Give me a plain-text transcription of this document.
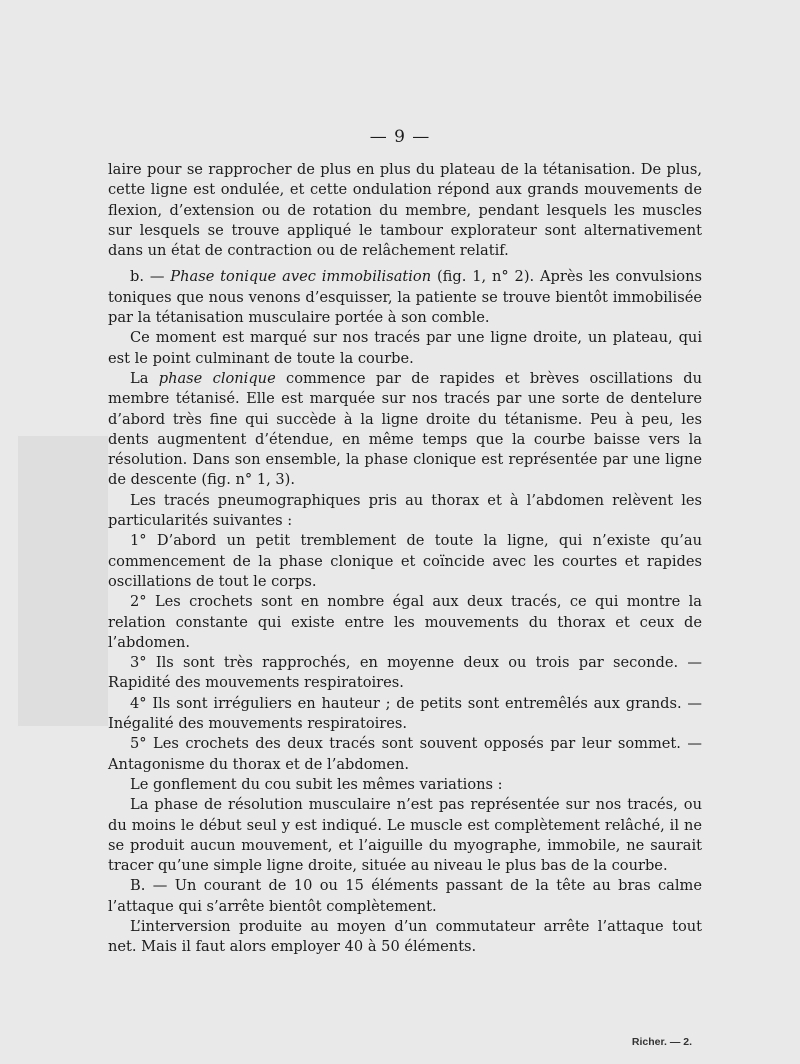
— 9 —

laire pour se rapprocher de plus en plus du plateau de la tétanisation. De plus, cette ligne est ondulée, et cette ondulation répond aux grands mouvements de flexion, d’extension ou de rotation du membre, pendant lesquels les muscles sur lesquels se trouve appliqué le tambour explorateur sont alternativement dans un état de contraction ou de relâchement relatif.

b. — Phase tonique avec immobilisation (fig. 1, n° 2). Après les convulsions toniques que nous venons d’esquisser, la patiente se trouve bientôt immobilisée par la tétanisation musculaire portée à son comble.

Ce moment est marqué sur nos tracés par une ligne droite, un plateau, qui est le point culminant de toute la courbe.

La phase clonique commence par de rapides et brèves oscillations du membre tétanisé. Elle est marquée sur nos tracés par une sorte de dentelure d’abord très fine qui succède à la ligne droite du tétanisme. Peu à peu, les dents augmentent d’étendue, en même temps que la courbe baisse vers la résolution. Dans son ensemble, la phase clonique est représentée par une ligne de descente (fig. n° 1, 3).

Les tracés pneumographiques pris au thorax et à l’abdomen relèvent les particularités suivantes :

1° D’abord un petit tremblement de toute la ligne, qui n’existe qu’au commencement de la phase clonique et coïncide avec les courtes et rapides oscillations de tout le corps.

2° Les crochets sont en nombre égal aux deux tracés, ce qui montre la relation constante qui existe entre les mouvements du thorax et ceux de l’abdomen.

3° Ils sont très rapprochés, en moyenne deux ou trois par seconde. — Rapidité des mouvements respiratoires.

4° Ils sont irréguliers en hauteur ; de petits sont entremêlés aux grands. — Inégalité des mouvements respiratoires.

5° Les crochets des deux tracés sont souvent opposés par leur sommet. — Antagonisme du thorax et de l’abdomen.

Le gonflement du cou subit les mêmes variations :

La phase de résolution musculaire n’est pas représentée sur nos tracés, ou du moins le début seul y est indiqué. Le muscle est complètement relâché, il ne se produit aucun mouvement, et l’aiguille du myographe, immobile, ne saurait tracer qu’une simple ligne droite, située au niveau le plus bas de la courbe.

B. — Un courant de 10 ou 15 éléments passant de la tête au bras calme l’attaque qui s’arrête bientôt complètement.

L’interversion produite au moyen d’un commutateur arrête l’attaque tout net. Mais il faut alors employer 40 à 50 éléments.

Richer. — 2.
